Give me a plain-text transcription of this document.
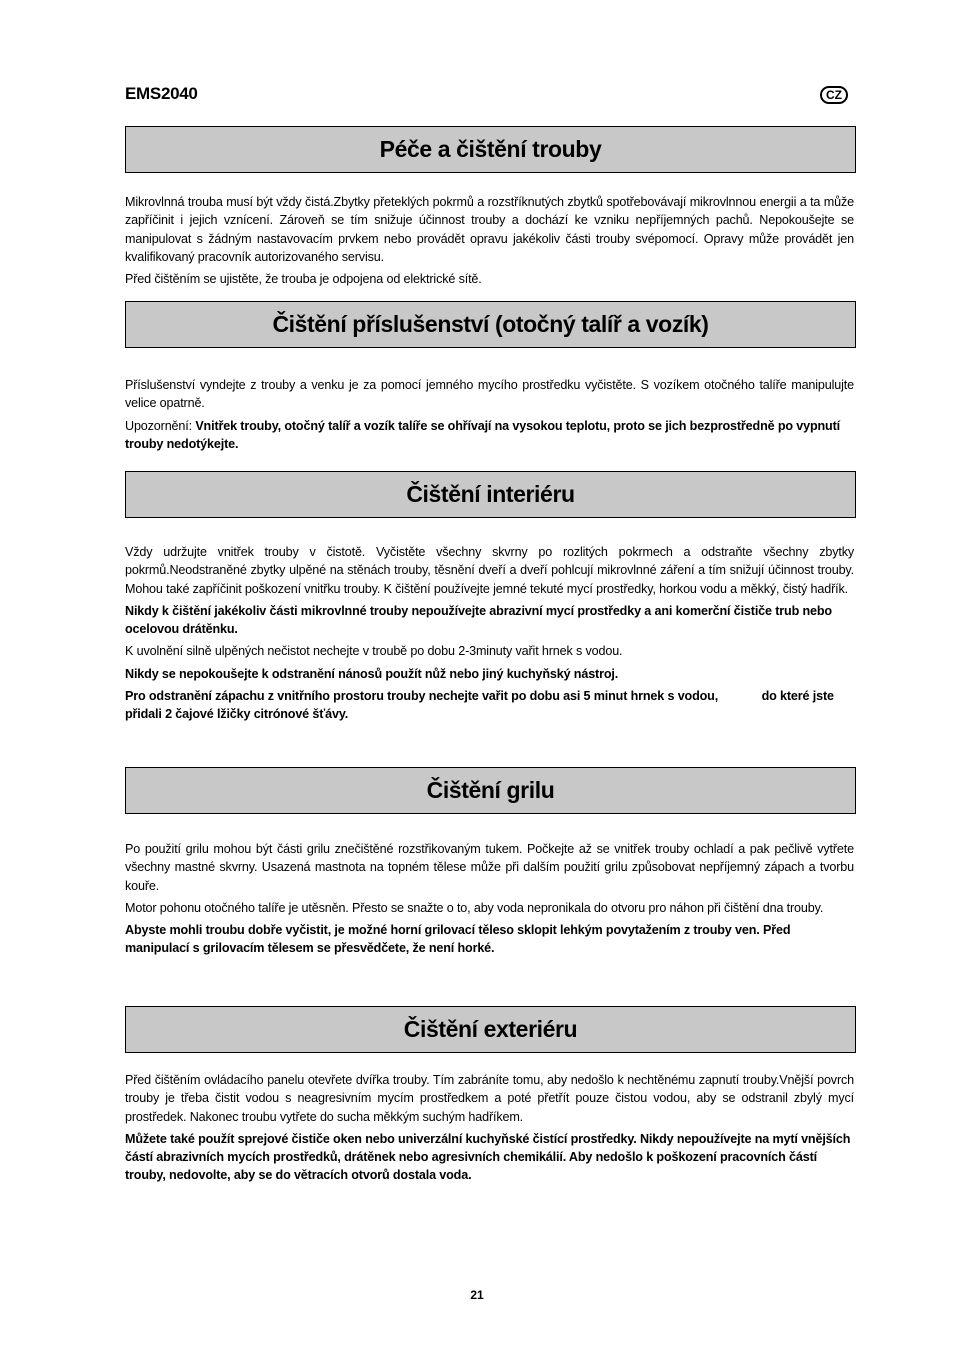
EMS2040	CZ
Péče a čištění trouby

Mikrovlnná trouba musí být vždy čistá.Zbytky přeteklých pokrmů a rozstříknutých zbytků spotřebovávají mikrovlnnou energii a ta může zapříčinit i jejich vznícení. Zároveň se tím snižuje účinnost trouby a dochází ke vzniku nepříjemných pachů. Nepokoušejte se manipulovat s žádným nastavovacím prvkem nebo provádět opravu jakékoliv části trouby svépomocí. Opravy může provádět jen kvalifikovaný pracovník autorizovaného servisu.

Před čištěním se ujistěte, že trouba je odpojena od elektrické sítě.

Čištění příslušenství (otočný talíř a vozík)

Příslušenství vyndejte z trouby a venku je za pomocí jemného mycího prostředku vyčistěte. S vozíkem otočného talíře manipulujte velice opatrně.

Upozornění: Vnitřek trouby, otočný talíř a vozík talíře se ohřívají na vysokou teplotu, proto se jich bezprostředně po vypnutí trouby nedotýkejte.

Čištění interiéru

Vždy udržujte vnitřek trouby v čistotě. Vyčistěte všechny skvrny po rozlitých pokrmech a odstraňte všechny zbytky pokrmů.Neodstraněné zbytky ulpěné na stěnách trouby, těsnění dveří a dveří pohlcují mikrovlnné záření a tím snižují účinnost trouby. Mohou také zapříčinit poškození vnitřku trouby. K čištění používejte jemné tekuté mycí prostředky, horkou vodu a měkký, čistý hadřík.

Nikdy k čištění jakékoliv části mikrovlnné trouby nepoužívejte abrazivní mycí prostředky a ani komerční čističe trub nebo ocelovou drátěnku.

K uvolnění silně ulpěných nečistot nechejte v troubě po dobu 2-3minuty vařit hrnek s vodou.

Nikdy se nepokoušejte k odstranění nánosů použít nůž nebo jiný kuchyňský nástroj.

Pro odstranění zápachu z vnitřního prostoru trouby nechejte vařit po dobu asi 5 minut hrnek s vodou,             do které jste přidali 2 čajové lžičky citrónové šťávy.

Čištění grilu

Po použití grilu mohou být části grilu znečištěné rozstřikovaným tukem. Počkejte až se vnitřek trouby ochladí a pak pečlivě vytřete všechny mastné skvrny. Usazená mastnota na topném tělese může při dalším použití grilu způsobovat nepříjemný zápach a tvorbu kouře.

Motor pohonu otočného talíře je utěsněn. Přesto se snažte o to, aby voda nepronikala do otvoru pro náhon při čištění dna trouby.

Abyste mohli troubu dobře vyčistit, je možné horní grilovací těleso sklopit lehkým povytažením z trouby ven. Před manipulací s grilovacím tělesem se přesvědčete, že není horké.

Čištění exteriéru

Před čištěním ovládacího panelu otevřete dvířka trouby. Tím zabráníte tomu, aby nedošlo k nechtěnému zapnutí trouby.Vnější povrch trouby je třeba čistit vodou s neagresivním mycím prostředkem a poté přetřít pouze čistou vodou, aby se odstranil zbylý mycí prostředek. Nakonec troubu vytřete do sucha měkkým suchým hadříkem.

Můžete také použít sprejové čističe oken nebo univerzální kuchyňské čistící prostředky. Nikdy nepoužívejte na mytí vnějších částí abrazivních mycích prostředků, drátěnek nebo agresivních chemikálií. Aby nedošlo k poškození pracovních částí trouby, nedovolte, aby se do větracích otvorů dostala voda.

21
